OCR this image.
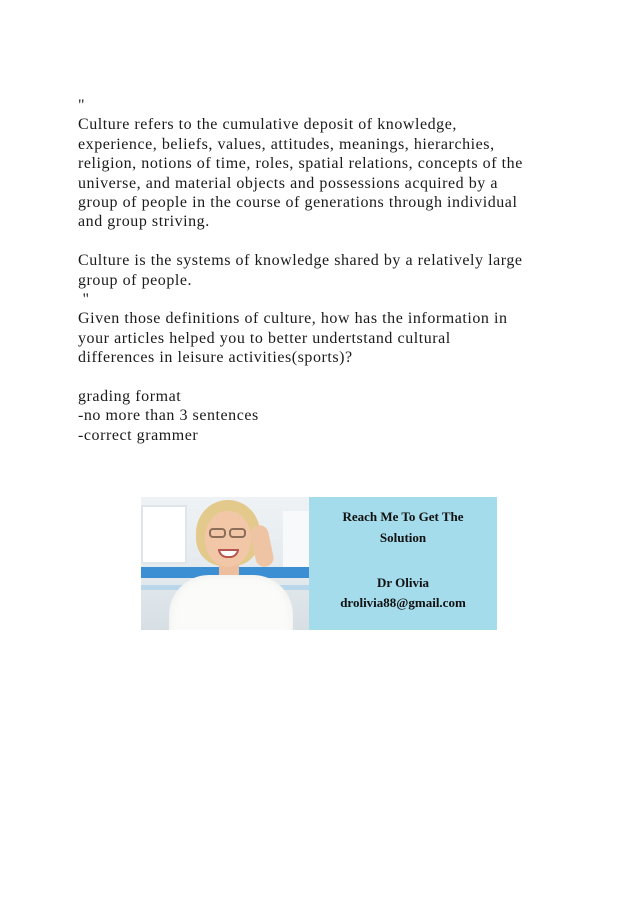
"
Culture refers to the cumulative deposit of knowledge,
experience, beliefs, values, attitudes, meanings, hierarchies,
religion, notions of time, roles, spatial relations, concepts of the
universe, and material objects and possessions acquired by a
group of people in the course of generations through individual
and group striving.
Culture is the systems of knowledge shared by a relatively large
group of people.
"
Given those definitions of culture, how has the information in
your articles helped you to better undertstand cultural
differences in leisure activities(sports)?
grading format
-no more than 3 sentences
-correct grammer
Reach Me To Get The
Solution
Dr Olivia
drolivia88@gmail.com
